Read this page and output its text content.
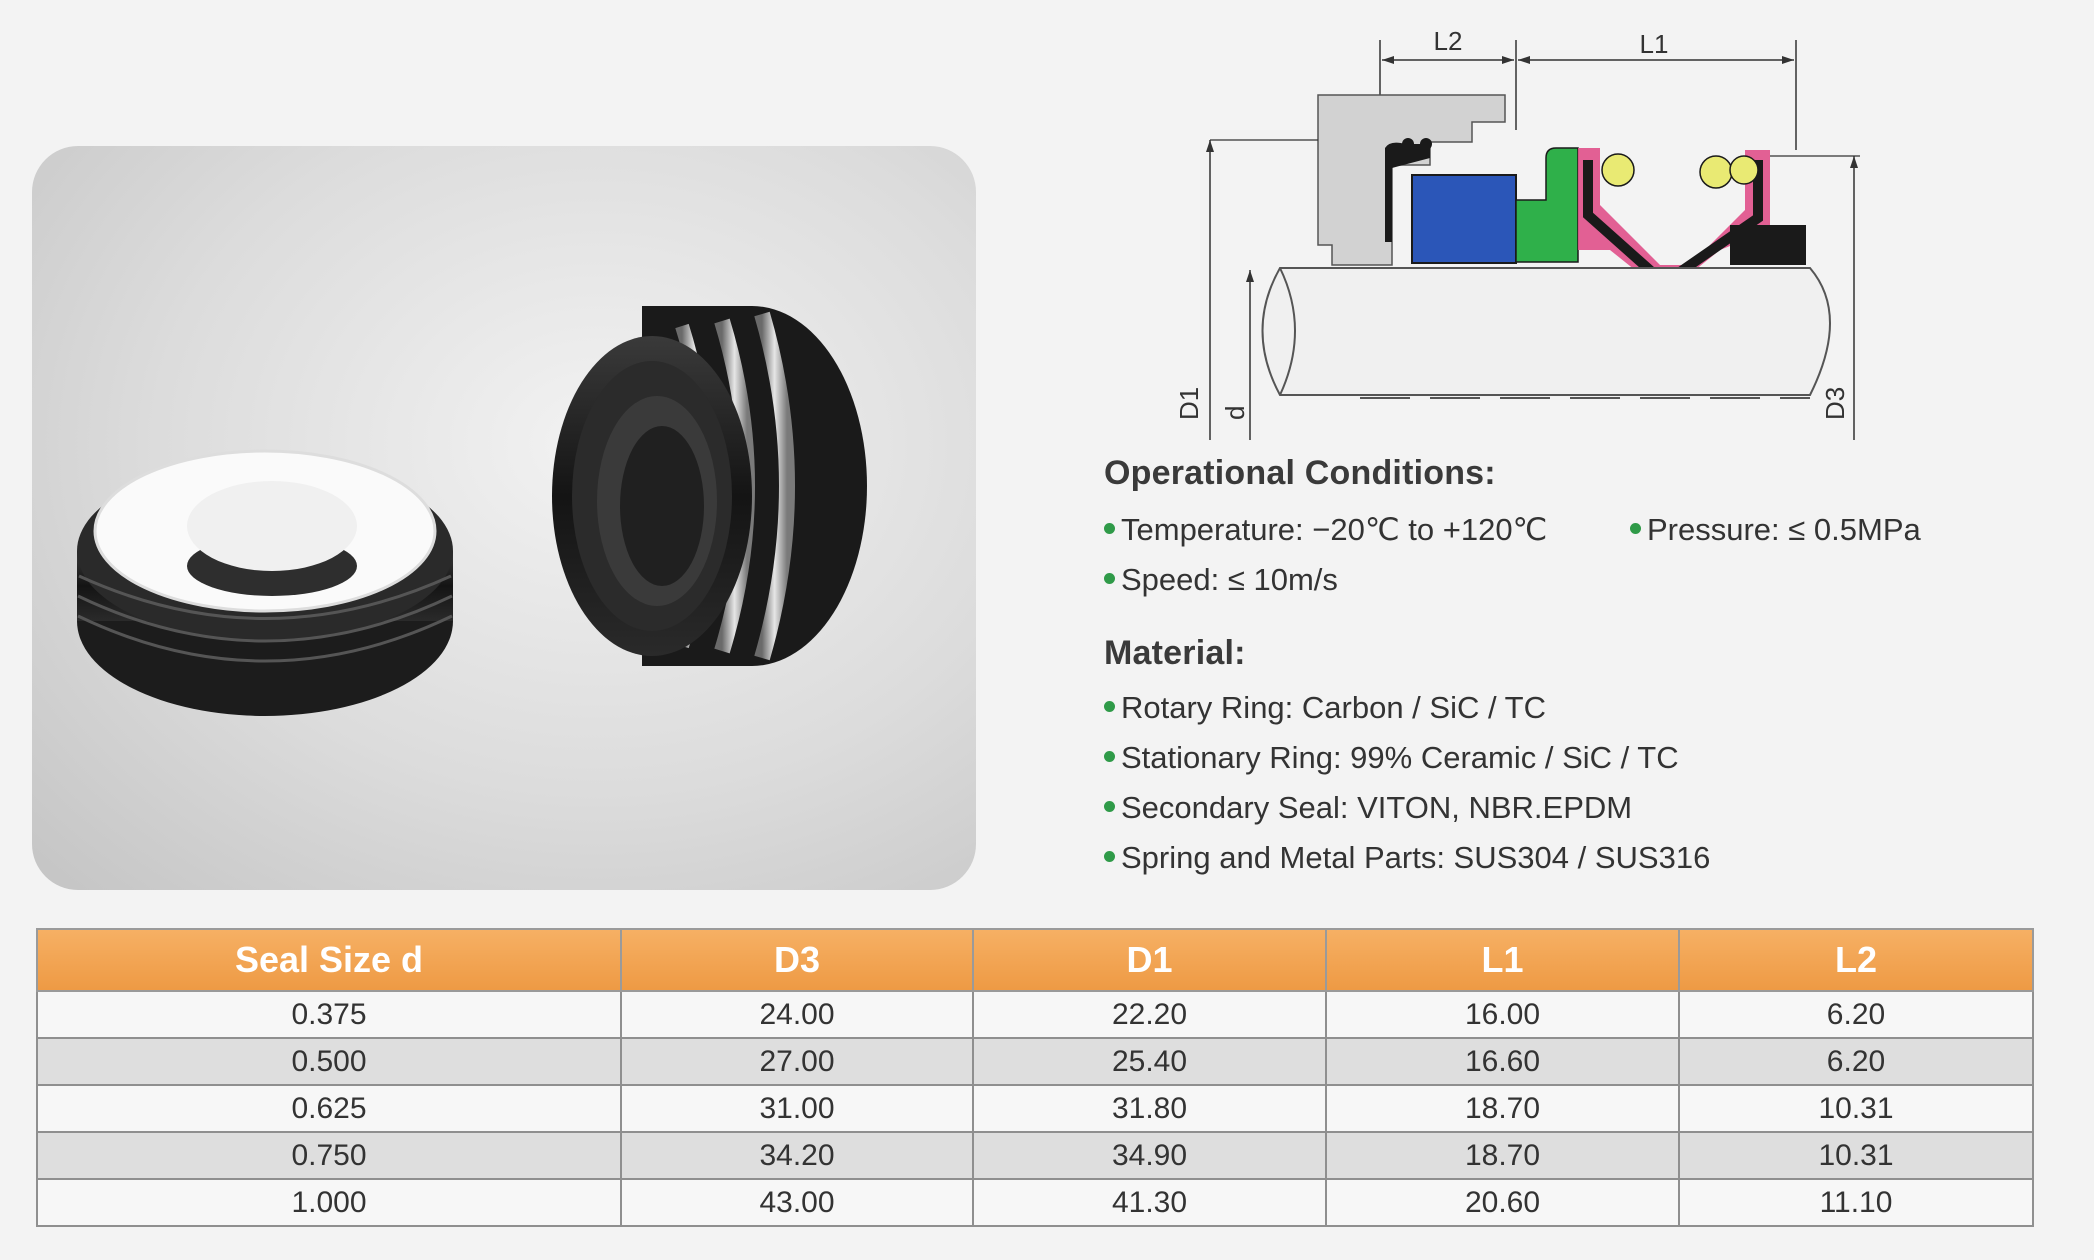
L2	L1
D1 d	D3
Operational Conditions:
Temperature: −20℃ to +120℃	Pressure: ≤ 0.5MPa
Speed: ≤ 10m/s
Material:
Rotary Ring: Carbon / SiC / TC
Stationary Ring: 99% Ceramic / SiC / TC
Secondary Seal: VITON, NBR.EPDM
Spring and Metal Parts: SUS304 / SUS316
Seal Size d	D3	D1	L1	L2
0.375	24.00	22.20	16.00	6.20
0.500	27.00	25.40	16.60	6.20
0.625	31.00	31.80	18.70	10.31
0.750	34.20	34.90	18.70	10.31
1.000	43.00	41.30	20.60	11.10
